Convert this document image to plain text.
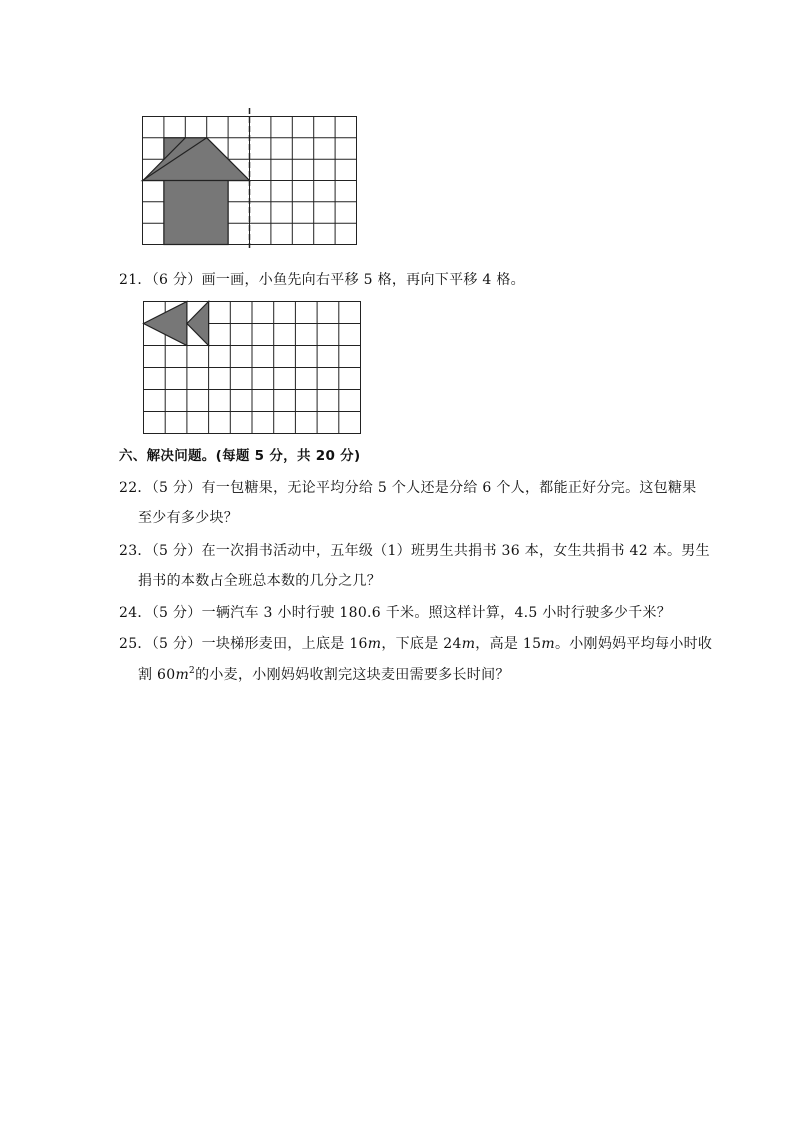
21．（6 分）画一画，小鱼先向右平移 5 格，再向下平移 4 格。
六、解决问题。(每题 5 分，共 20 分)
22．（5 分）有一包糖果，无论平均分给 5 个人还是分给 6 个人，都能正好分完。这包糖果
至少有多少块？
23．（5 分）在一次捐书活动中，五年级（1）班男生共捐书 36 本，女生共捐书 42 本。男生
捐书的本数占全班总本数的几分之几？
24．（5 分）一辆汽车 3 小时行驶 180.6 千米。照这样计算，4.5 小时行驶多少千米？
25．（5 分）一块梯形麦田，上底是 16m，下底是 24m，高是 15m。小刚妈妈平均每小时收
割 $60m^2$的小麦，小刚妈妈收割完这块麦田需要多长时间？
